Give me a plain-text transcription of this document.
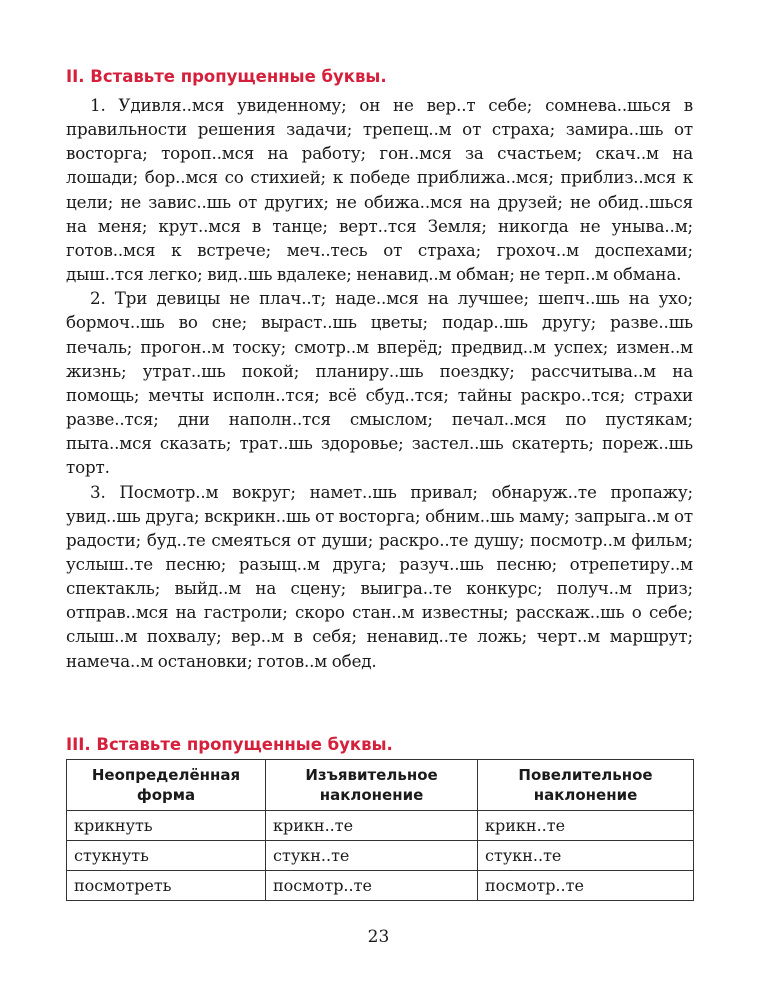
II. Вставьте пропущенные буквы.

1. Удивля..мся увиденному; он не вер..т себе; сомнева..шься в правильности решения задачи; трепещ..м от страха; замира..шь от восторга; тороп..мся на работу; гон..мся за счастьем; скач..м на лошади; бор..мся со стихией; к победе приближа..мся; приблиз..мся к цели; не завис..шь от других; не обижа..мся на друзей; не обид..шься на меня; крут..мся в танце; верт..тся Земля; никогда не унывa..м; готов..мся к встрече; меч..тесь от страха; грохоч..м доспехами; дыш..тся легко; вид..шь вдалеке; ненавид..м обман; не терп..м обмана.

2. Три девицы не плач..т; наде..мся на лучшее; шепч..шь на ухо; бормоч..шь во сне; выраст..шь цветы; подар..шь другу; разве..шь печаль; прогон..м тоску; смотр..м вперёд; предвид..м успех; измен..м жизнь; утрат..шь покой; планиру..шь поездку; рассчитыва..м на помощь; мечты исполн..тся; всё сбуд..тся; тайны раскро..тся; страхи разве..тся; дни наполн..тся смыслом; печал..мся по пустякам; пыта..мся сказать; трат..шь здоровье; застел..шь скатерть; пореж..шь торт.

3. Посмотр..м вокруг; намет..шь привал; обнаруж..те пропажу; увид..шь друга; вскрикн..шь от восторга; обним..шь маму; запрыга..м от радости; буд..те смеяться от души; раскро..те душу; посмотр..м фильм; услыш..те песню; разыщ..м друга; разуч..шь песню; отрепетиру..м спектакль; выйд..м на сцену; выигра..те конкурс; получ..м приз; отправ..мся на гастроли; скоро стан..м известны; расскаж..шь о себе; слыш..м похвалу; вер..м в себя; ненавид..те ложь; черт..м маршрут; намеча..м остановки; готов..м обед.

III. Вставьте пропущенные буквы.
Неопределённая форма	Изъявительное наклонение	Повелительное наклонение
крикнуть	крикн..те	крикн..те
стукнуть	стукн..те	стукн..те
посмотреть	посмотр..те	посмотр..те
23
